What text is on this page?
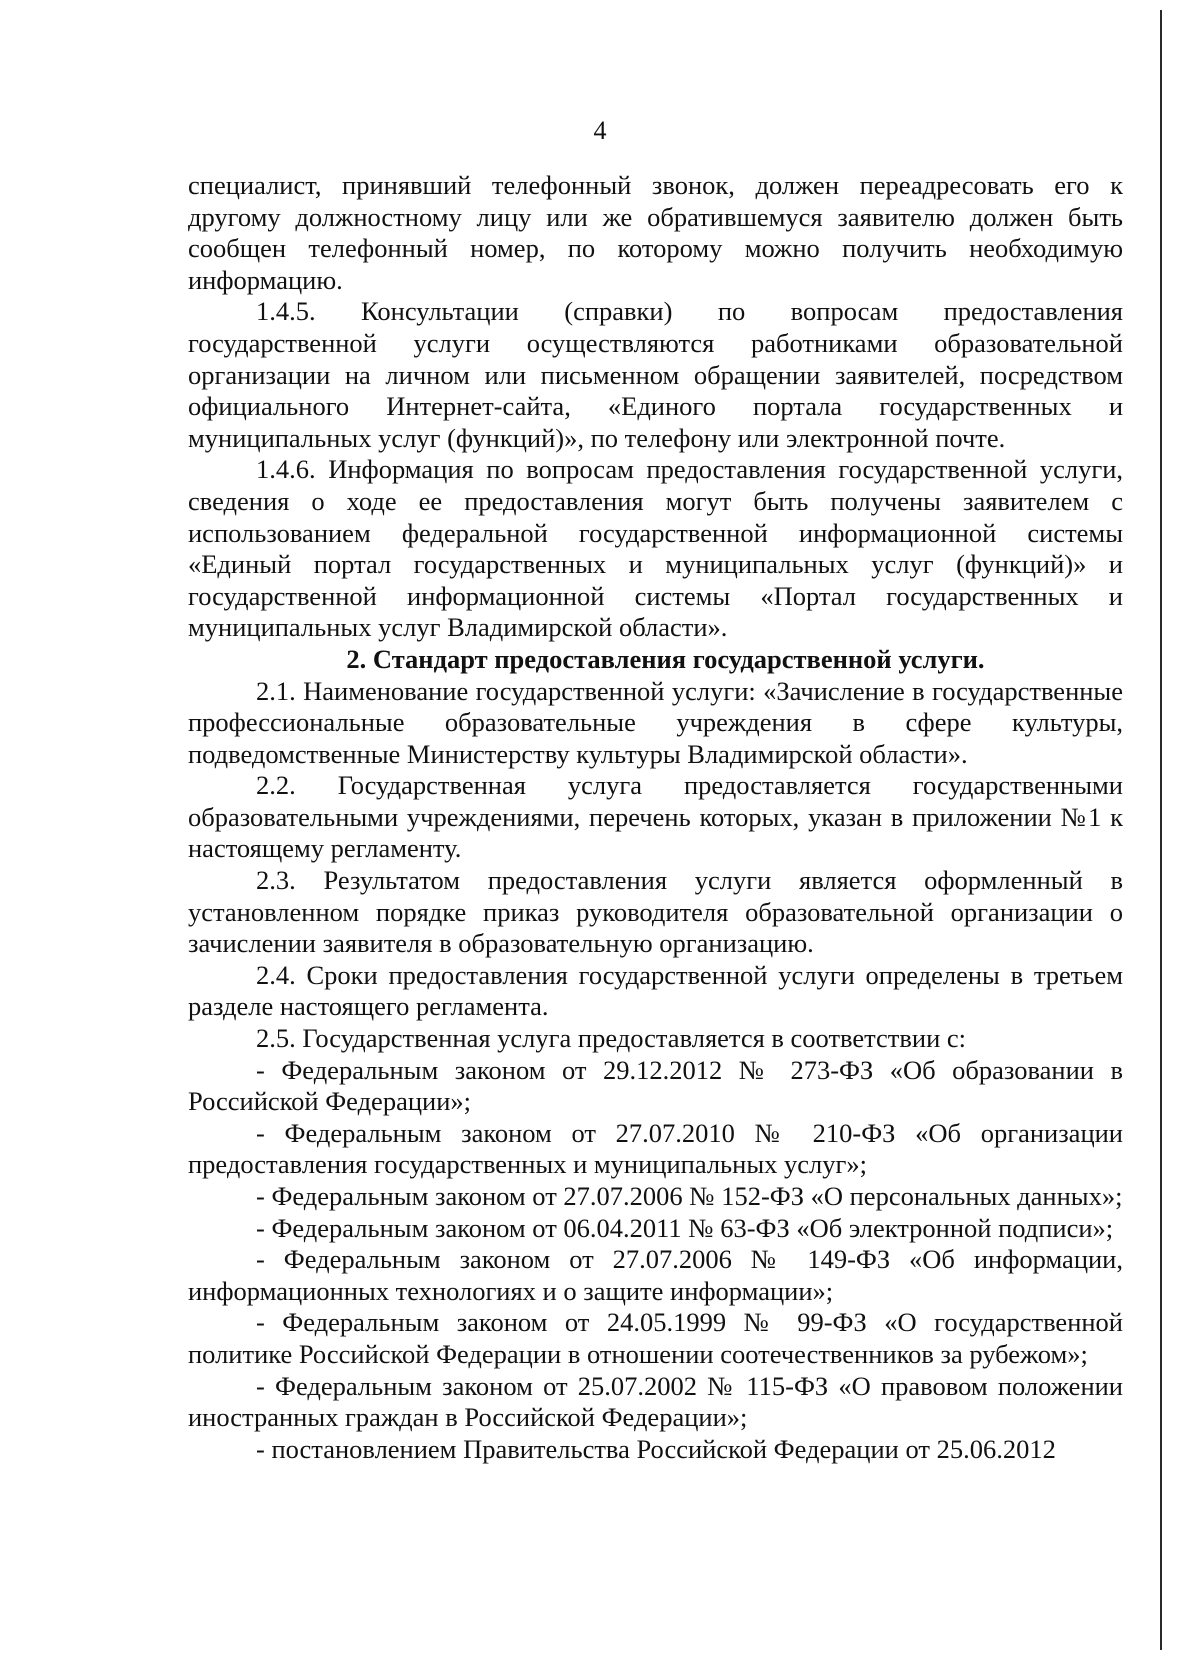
4

специалист, принявший телефонный звонок, должен переадресовать его к другому должностному лицу или же обратившемуся заявителю должен быть сообщен телефонный номер, по которому можно получить необходимую информацию.

1.4.5. Консультации (справки) по вопросам предоставления государственной услуги осуществляются работниками образовательной организации на личном или письменном обращении заявителей, посредством официального Интернет-сайта, «Единого портала государственных и муниципальных услуг (функций)», по телефону или электронной почте.

1.4.6. Информация по вопросам предоставления государственной услуги, сведения о ходе ее предоставления могут быть получены заявителем с использованием федеральной государственной информационной системы «Единый портал государственных и муниципальных услуг (функций)» и государственной информационной системы «Портал государственных и муниципальных услуг Владимирской области».

2. Стандарт предоставления государственной услуги.

2.1. Наименование государственной услуги: «Зачисление в государственные профессиональные образовательные учреждения в сфере культуры, подведомственные Министерству культуры Владимирской области».

2.2. Государственная услуга предоставляется государственными образовательными учреждениями, перечень которых, указан в приложении №1 к настоящему регламенту.

2.3. Результатом предоставления услуги является оформленный в установленном порядке приказ руководителя образовательной организации о зачислении заявителя в образовательную организацию.

2.4. Сроки предоставления государственной услуги определены в третьем разделе настоящего регламента.

2.5. Государственная услуга предоставляется в соответствии с:

- Федеральным законом от 29.12.2012 № 273-ФЗ «Об образовании в Российской Федерации»;

- Федеральным законом от 27.07.2010 № 210-ФЗ «Об организации предоставления государственных и муниципальных услуг»;

- Федеральным законом от 27.07.2006 № 152-ФЗ «О персональных данных»;

- Федеральным законом от 06.04.2011 № 63-ФЗ «Об электронной подписи»;

- Федеральным законом от 27.07.2006 № 149-ФЗ «Об информации, информационных технологиях и о защите информации»;

- Федеральным законом от 24.05.1999 № 99-ФЗ «О государственной политике Российской Федерации в отношении соотечественников за рубежом»;

- Федеральным законом от 25.07.2002 № 115-ФЗ «О правовом положении иностранных граждан в Российской Федерации»;

- постановлением Правительства Российской Федерации от 25.06.2012
